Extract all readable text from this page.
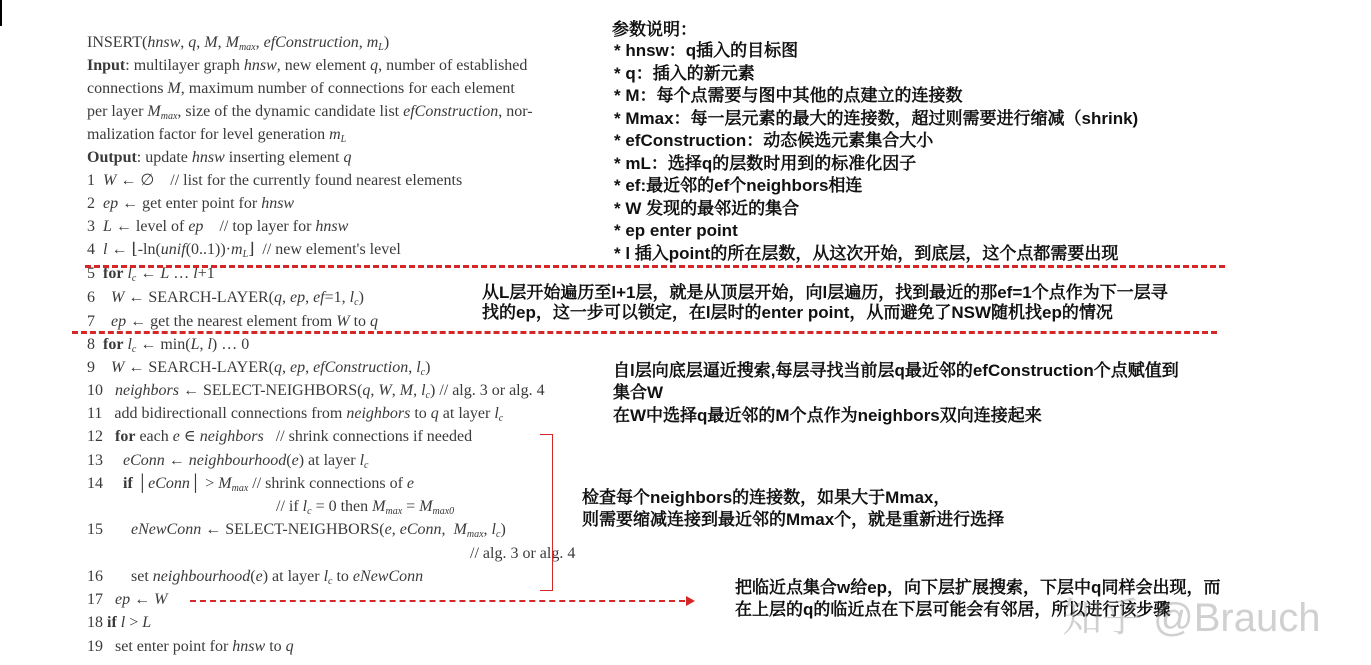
INSERT(hnsw, q, M, $M_{max}$, efConstruction, $m_L$)
Input: multilayer graph hnsw, new element q, number of established
connections M, maximum number of connections for each element
per layer $M_{max}$, size of the dynamic candidate list efConstruction, nor-
malization factor for level generation $m_L$
Output: update hnsw inserting element q
1  W ← ∅    // list for the currently found nearest elements
2  ep ← get enter point for hnsw
3  L ← level of ep    // top layer for hnsw
4  l ← $⌊-\ln(unif(0..1))\cdot m_L⌋$  // new element's level
5  for $l_c$ ← L … l+1
6    W ← SEARCH-LAYER(q, ep, ef=1, $l_c$)
7    ep ← get the nearest element from W to q
8  for $l_c$ ← min(L, l) … 0
9    W ← SEARCH-LAYER(q, ep, efConstruction, $l_c$)
10   neighbors ← SELECT-NEIGHBORS(q, W, M, $l_c$) // alg. 3 or alg. 4
11   add bidirectionall connections from neighbors to q at layer $l_c$
12   for each e ∈ neighbors   // shrink connections if needed
13     eConn ← neighbourhood(e) at layer $l_c$
14     if │eConn│ > $M_{max}$ // shrink connections of e
// if $l_c = 0$ then $M_{max} = M_{max0}$
15       eNewConn ← SELECT-NEIGHBORS(e, eConn,  $M_{max}$, $l_c$)
// alg. 3 or alg. 4
16       set neighbourhood(e) at layer $l_c$ to eNewConn
17   ep ← W
18 if l > L
19   set enter point for hnsw to q
参数说明：
* hnsw：q插入的目标图
* q：插入的新元素
* M：每个点需要与图中其他的点建立的连接数
* Mmax：每一层元素的最大的连接数，超过则需要进行缩减（shrink)
* efConstruction：动态候选元素集合大小
* mL：选择q的层数时用到的标准化因子
* ef:最近邻的ef个neighbors相连
* W 发现的最邻近的集合
* ep enter point
* l 插入point的所在层数，从这次开始，到底层，这个点都需要出现
从L层开始遍历至l+1层，就是从顶层开始，向l层遍历，找到最近的那ef=1个点作为下一层寻
找的ep，这一步可以锁定，在l层时的enter point，从而避免了NSW随机找ep的情况
自l层向底层逼近搜索,每层寻找当前层q最近邻的efConstruction个点赋值到
集合W
在W中选择q最近邻的M个点作为neighbors双向连接起来
检查每个neighbors的连接数，如果大于Mmax，
则需要缩减连接到最近邻的Mmax个，就是重新进行选择
把临近点集合w给ep，向下层扩展搜索，下层中q同样会出现，而
在上层的q的临近点在下层可能会有邻居，所以进行该步骤
知乎 @Brauch
